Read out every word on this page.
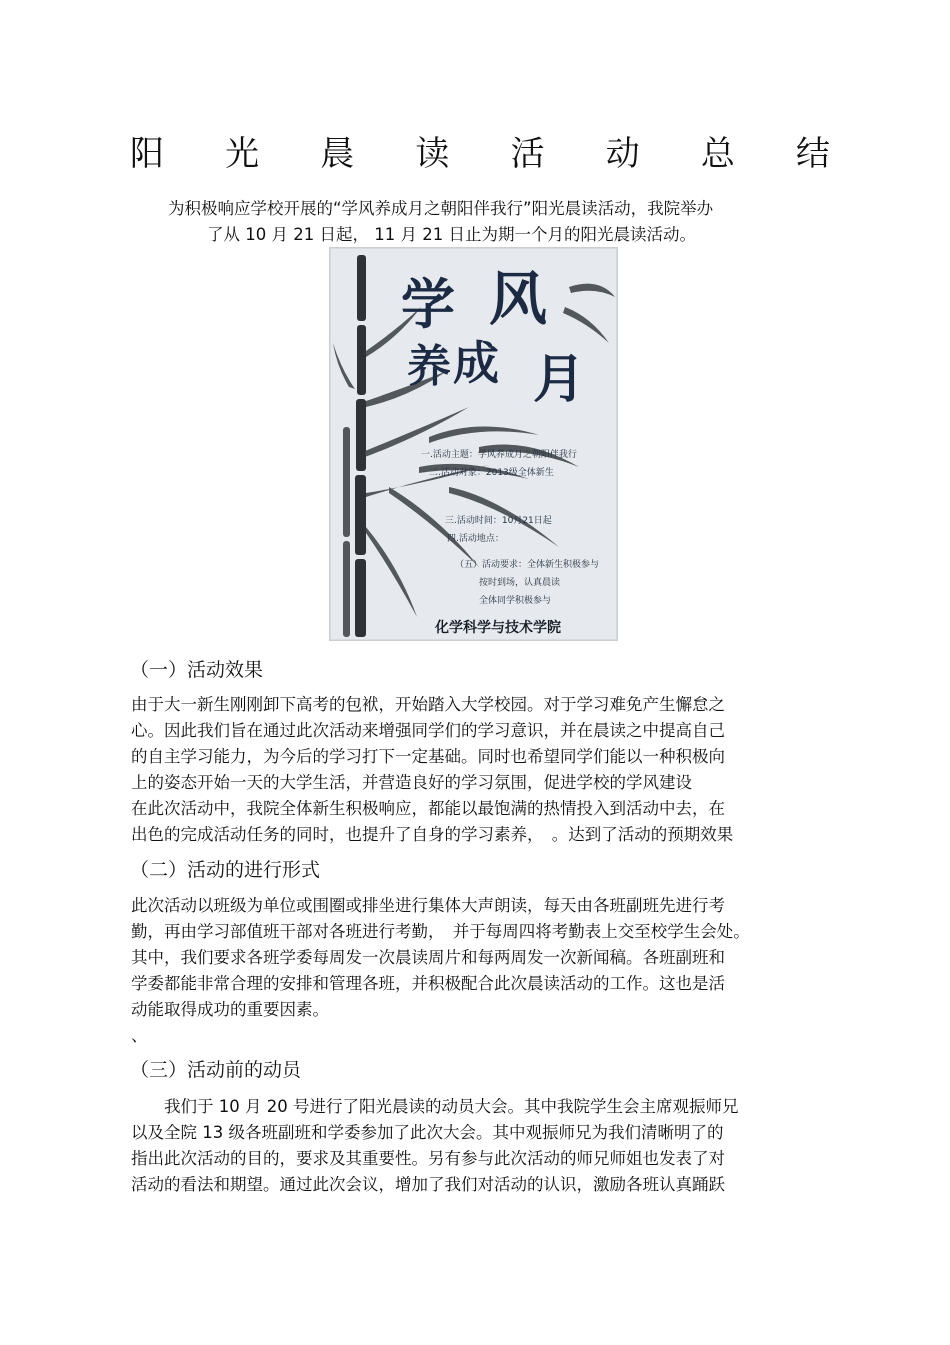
阳 光 晨 读 活 动 总 结
为积极响应学校开展的“学风养成月之朝阳伴我行”阳光晨读活动，我院举办
了从 10 月 21 日起， 11 月 21 日止为期一个月的阳光晨读活动。
学 风
养 成 月
一.活动主题：学风养成月之朝阳伴我行
二.活动对象：2013级全体新生
三.活动时间：10月21日起
四.活动地点：
（五）活动要求：全体新生积极参与
按时到场，认真晨读
全体同学积极参与
化学科学与技术学院
（一）活动效果
由于大一新生刚刚卸下高考的包袱，开始踏入大学校园。对于学习难免产生懈怠之
心。因此我们旨在通过此次活动来增强同学们的学习意识，并在晨读之中提高自己
的自主学习能力，为今后的学习打下一定基础。同时也希望同学们能以一种积极向
上的姿态开始一天的大学生活，并营造良好的学习氛围，促进学校的学风建设
在此次活动中，我院全体新生积极响应，都能以最饱满的热情投入到活动中去，在
出色的完成活动任务的同时，也提升了自身的学习素养，　。达到了活动的预期效果
（二）活动的进行形式
此次活动以班级为单位或围圈或排坐进行集体大声朗读，每天由各班副班先进行考
勤，再由学习部值班干部对各班进行考勤，　并于每周四将考勤表上交至校学生会处。
其中，我们要求各班学委每周发一次晨读周片和每两周发一次新闻稿。各班副班和
学委都能非常合理的安排和管理各班，并积极配合此次晨读活动的工作。这也是活
动能取得成功的重要因素。
、
（三）活动前的动员
　　我们于 10 月 20 号进行了阳光晨读的动员大会。其中我院学生会主席观振师兄
以及全院 13 级各班副班和学委参加了此次大会。其中观振师兄为我们清晰明了的
指出此次活动的目的，要求及其重要性。另有参与此次活动的师兄师姐也发表了对
活动的看法和期望。通过此次会议，增加了我们对活动的认识，激励各班认真踊跃
